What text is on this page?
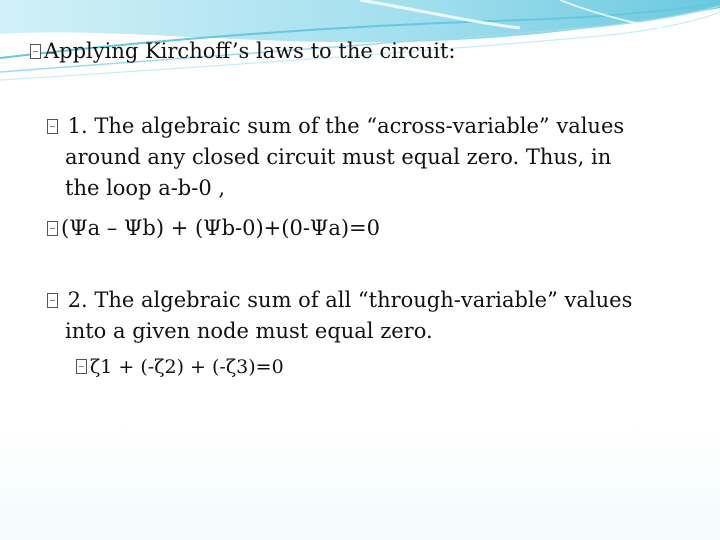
Applying Kirchoff’s laws to the circuit:
1. The algebraic sum of the “across-variable” values
around any closed circuit must equal zero. Thus, in
the loop a-b-0 ,
(Ψa – Ψb) + (Ψb-0)+(0-Ψa)=0
2. The algebraic sum of all “through-variable” values
into a given node must equal zero.
ζ1 + (-ζ2) + (-ζ3)=0
